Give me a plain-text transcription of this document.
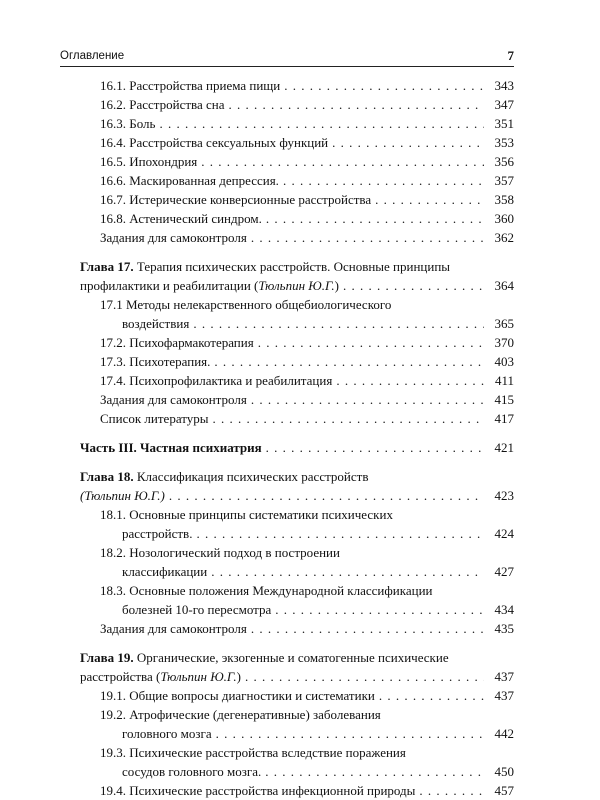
Оглавление	7
16.1. Расстройства приема пищи . . .	343
16.2. Расстройства сна . . .	347
16.3. Боль . . .	351
16.4. Расстройства сексуальных функций . . .	353
16.5. Ипохондрия . . .	356
16.6. Маскированная депрессия. . . .	357
16.7. Истерические конверсионные расстройства . . .	358
16.8. Астенический синдром. . . .	360
Задания для самоконтроля . . .	362
Глава 17. Терапия психических расстройств. Основные принципы
профилактики и реабилитации (Тюльпин Ю.Г.) . . .	364
17.1 Методы нелекарственного общебиологического
воздействия . . .	365
17.2. Психофармакотерапия . . .	370
17.3. Психотерапия. . . .	403
17.4. Психопрофилактика и реабилитация . . .	411
Задания для самоконтроля . . .	415
Список литературы . . .	417
Часть III. Частная психиатрия . . .	421
Глава 18. Классификация психических расстройств
(Тюльпин Ю.Г.) . . .	423
18.1. Основные принципы систематики психических
расстройств. . . .	424
18.2. Нозологический подход в построении
классификации . . .	427
18.3. Основные положения Международной классификации
болезней 10-го пересмотра . . .	434
Задания для самоконтроля . . .	435
Глава 19. Органические, экзогенные и соматогенные психические
расстройства (Тюльпин Ю.Г.) . . .	437
19.1. Общие вопросы диагностики и систематики . . .	437
19.2. Атрофические (дегенеративные) заболевания
головного мозга . . .	442
19.3. Психические расстройства вследствие поражения
сосудов головного мозга. . . .	450
19.4. Психические расстройства инфекционной природы . . .	457
